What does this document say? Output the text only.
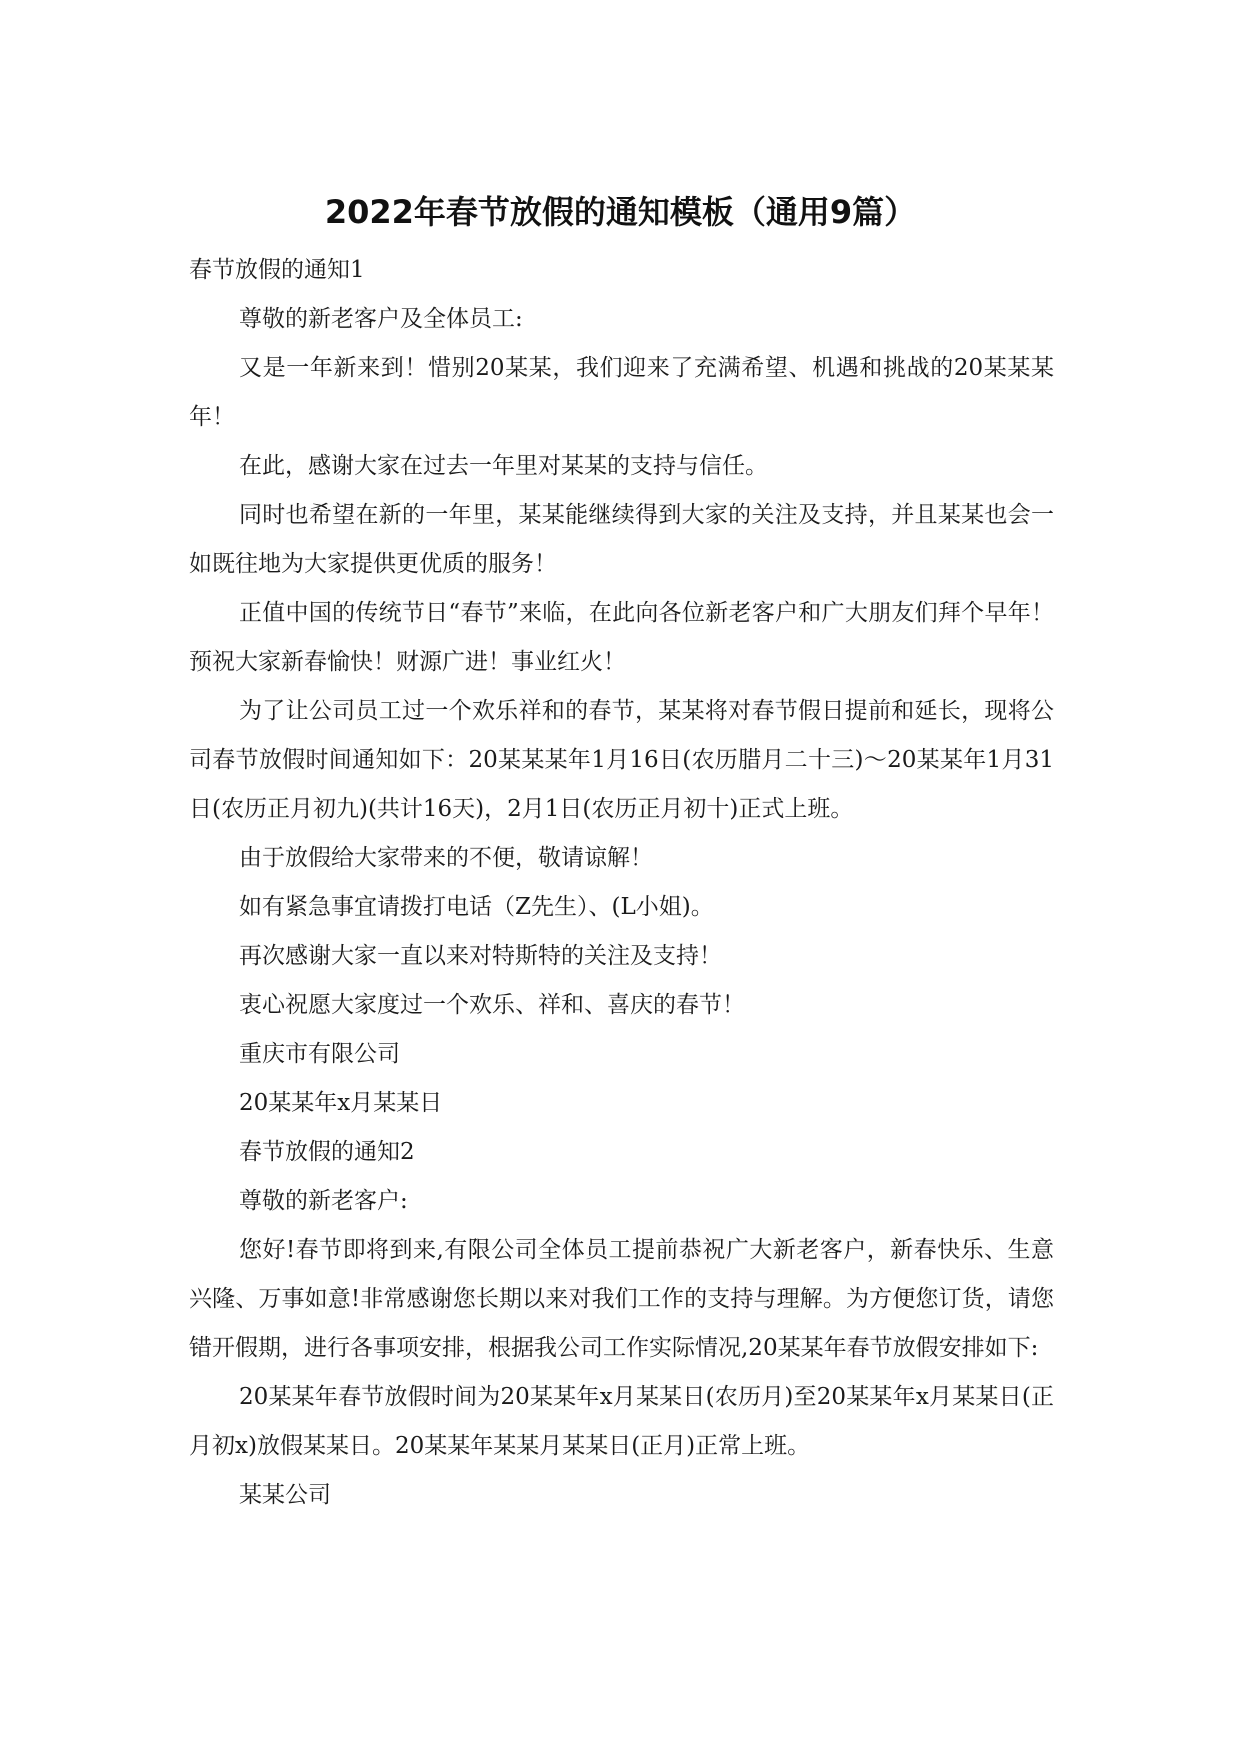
2022年春节放假的通知模板（通用9篇）

春节放假的通知1

尊敬的新老客户及全体员工:

又是一年新来到！惜别20某某，我们迎来了充满希望、机遇和挑战的20某某某年！

在此，感谢大家在过去一年里对某某的支持与信任。

同时也希望在新的一年里，某某能继续得到大家的关注及支持，并且某某也会一如既往地为大家提供更优质的服务！

正值中国的传统节日“春节”来临，在此向各位新老客户和广大朋友们拜个早年！预祝大家新春愉快！财源广进！事业红火！

为了让公司员工过一个欢乐祥和的春节，某某将对春节假日提前和延长，现将公司春节放假时间通知如下：20某某某年1月16日(农历腊月二十三)～20某某年1月31日(农历正月初九)(共计16天)，2月1日(农历正月初十)正式上班。

由于放假给大家带来的不便，敬请谅解！

如有紧急事宜请拨打电话（Z先生）、(L小姐)。

再次感谢大家一直以来对特斯特的关注及支持！

衷心祝愿大家度过一个欢乐、祥和、喜庆的春节！

重庆市有限公司

20某某年x月某某日

春节放假的通知2

尊敬的新老客户:

您好!春节即将到来,有限公司全体员工提前恭祝广大新老客户，新春快乐、生意兴隆、万事如意!非常感谢您长期以来对我们工作的支持与理解。为方便您订货，请您错开假期，进行各事项安排，根据我公司工作实际情况,20某某年春节放假安排如下:

20某某年春节放假时间为20某某年x月某某日(农历月)至20某某年x月某某日(正月初x)放假某某日。20某某年某某月某某日(正月)正常上班。

某某公司
